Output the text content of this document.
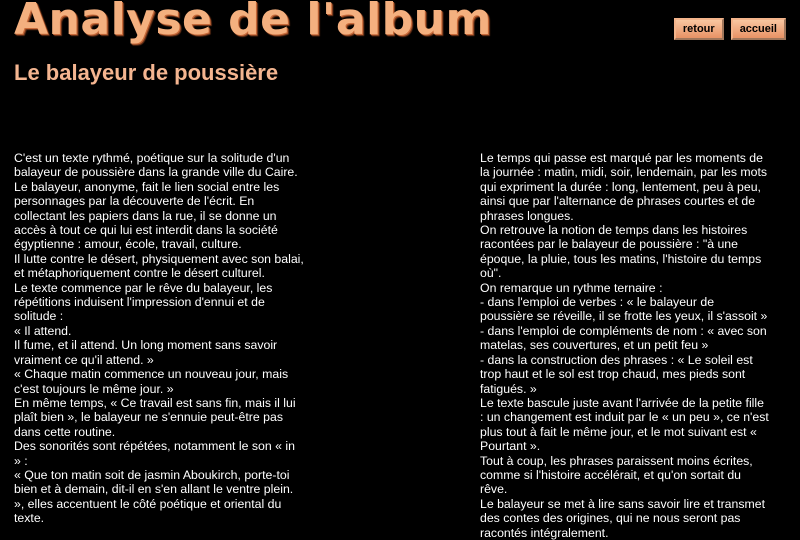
Analyse de l'album	retour	accueil
Le balayeur de poussière

C'est un texte rythmé, poétique sur la solitude d'un balayeur de poussière dans la grande ville du Caire.

Le balayeur, anonyme, fait le lien social entre les personnages par la découverte de l'écrit. En collectant les papiers dans la rue, il se donne un accès à tout ce qui lui est interdit dans la société égyptienne : amour, école, travail, culture.

Il lutte contre le désert, physiquement avec son balai, et métaphoriquement contre le désert culturel.

Le texte commence par le rêve du balayeur, les répétitions induisent l'impression d'ennui et de solitude :

« Il attend.

Il fume, et il attend. Un long moment sans savoir vraiment ce qu'il attend. »

« Chaque matin commence un nouveau jour, mais c'est toujours le même jour. »

En même temps, « Ce travail est sans fin, mais il lui plaît bien », le balayeur ne s'ennuie peut-être pas dans cette routine.

Des sonorités sont répétées, notamment le son « in » :

« Que ton matin soit de jasmin Aboukirch, porte-toi bien et à demain, dit-il en s'en allant le ventre plein. », elles accentuent le côté poétique et oriental du texte.

Le temps qui passe est marqué par les moments de la journée : matin, midi, soir, lendemain, par les mots qui expriment la durée : long, lentement, peu à peu, ainsi que par l'alternance de phrases courtes et de phrases longues.

On retrouve la notion de temps dans les histoires racontées par le balayeur de poussière : "à une époque, la pluie, tous les matins, l'histoire du temps où".

On remarque un rythme ternaire :

- dans l'emploi de verbes : « le balayeur de poussière se réveille, il se frotte les yeux, il s'assoit »

- dans l'emploi de compléments de nom : « avec son matelas, ses couvertures, et un petit feu »

- dans la construction des phrases : « Le soleil est trop haut et le sol est trop chaud, mes pieds sont fatigués. »

Le texte bascule juste avant l'arrivée de la petite fille : un changement est induit par le « un peu », ce n'est plus tout à fait le même jour, et le mot suivant est « Pourtant ».

Tout à coup, les phrases paraissent moins écrites, comme si l'histoire accélérait, et qu'on sortait du rêve.

Le balayeur se met à lire sans savoir lire et transmet des contes des origines, qui ne nous seront pas racontés intégralement.
